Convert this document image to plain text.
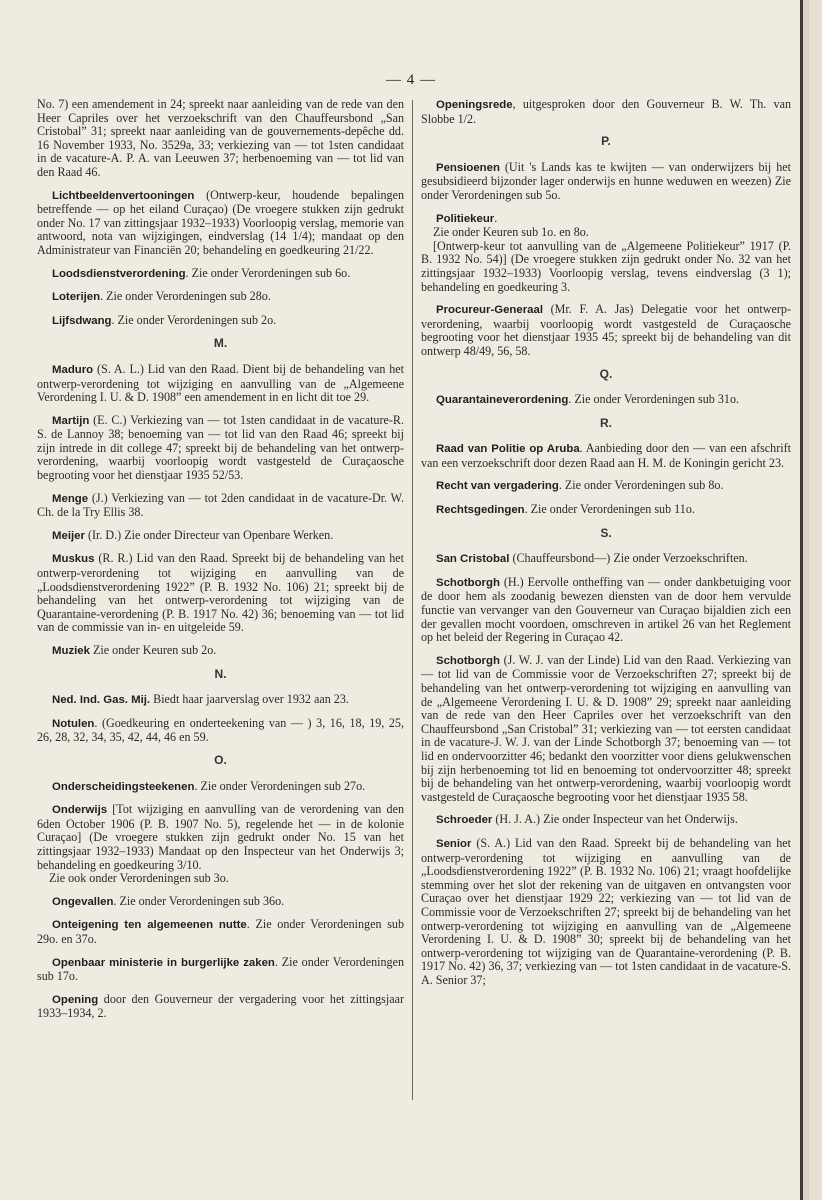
— 4 —
No. 7) een amendement in 24; spreekt naar aanleiding van de rede van den Heer Capriles over het verzoekschrift van den Chauffeursbond „San Cristobal” 31; spreekt naar aanleiding van de gouvernements-depêche dd. 16 November 1933, No. 3529a, 33; verkiezing van — tot 1sten candidaat in de vacature-A. P. A. van Leeuwen 37; herbenoeming van — tot lid van den Raad 46.
Lichtbeeldenvertooningen (Ontwerp-keur, houdende bepalingen betreffende — op het eiland Curaçao) (De vroegere stukken zijn gedrukt onder No. 17 van zittingsjaar 1932–1933) Voorloopig verslag, memorie van antwoord, nota van wijzigingen, eindverslag (14 1/4); mandaat op den Administrateur van Financiën 20; behandeling en goedkeuring 21/22.
Loodsdienstverordening. Zie onder Verordeningen sub 6o.
Loterijen. Zie onder Verordeningen sub 28o.
Lijfsdwang. Zie onder Verordeningen sub 2o.
M.
Maduro (S. A. L.) Lid van den Raad. Dient bij de behandeling van het ontwerp-verordening tot wijziging en aanvulling van de „Algemeene Verordening I. U. & D. 1908” een amendement in en licht dit toe 29.
Martijn (E. C.) Verkiezing van — tot 1sten candidaat in de vacature-R. S. de Lannoy 38; benoeming van — tot lid van den Raad 46; spreekt bij zijn intrede in dit college 47; spreekt bij de behandeling van het ontwerp-verordening, waarbij voorloopig wordt vastgesteld de Curaçaosche begrooting voor het dienstjaar 1935 52/53.
Menge (J.) Verkiezing van — tot 2den candidaat in de vacature-Dr. W. Ch. de la Try Ellis 38.
Meijer (Ir. D.) Zie onder Directeur van Openbare Werken.
Muskus (R. R.) Lid van den Raad. Spreekt bij de behandeling van het ontwerp-verordening tot wijziging en aanvulling van de „Loodsdienstverordening 1922” (P. B. 1932 No. 106) 21; spreekt bij de behandeling van het ontwerp-verordening tot wijziging van de Quarantaine-verordening (P. B. 1917 No. 42) 36; benoeming van — tot lid van de commissie van in- en uitgeleide 59.
Muziek Zie onder Keuren sub 2o.
N.
Ned. Ind. Gas. Mij. Biedt haar jaarverslag over 1932 aan 23.
Notulen. (Goedkeuring en onderteekening van — ) 3, 16, 18, 19, 25, 26, 28, 32, 34, 35, 42, 44, 46 en 59.
O.
Onderscheidingsteekenen. Zie onder Verordeningen sub 27o.
Onderwijs [Tot wijziging en aanvulling van de verordening van den 6den October 1906 (P. B. 1907 No. 5), regelende het — in de kolonie Curaçao] (De vroegere stukken zijn gedrukt onder No. 15 van het zittingsjaar 1932–1933) Mandaat op den Inspecteur van het Onderwijs 3; behandeling en goedkeuring 3/10.
Zie ook onder Verordeningen sub 3o.
Ongevallen. Zie onder Verordeningen sub 36o.
Onteigening ten algemeenen nutte. Zie onder Verordeningen sub 29o. en 37o.
Openbaar ministerie in burgerlijke zaken. Zie onder Verordeningen sub 17o.
Opening door den Gouverneur der vergadering voor het zittingsjaar 1933–1934, 2.
Openingsrede, uitgesproken door den Gouverneur B. W. Th. van Slobbe 1/2.
P.
Pensioenen (Uit 's Lands kas te kwijten — van onderwijzers bij het gesubsidieerd bijzonder lager onderwijs en hunne weduwen en weezen) Zie onder Verordeningen sub 5o.
Politiekeur.
Zie onder Keuren sub 1o. en 8o.
[Ontwerp-keur tot aanvulling van de „Algemeene Politiekeur” 1917 (P. B. 1932 No. 54)] (De vroegere stukken zijn gedrukt onder No. 32 van het zittingsjaar 1932–1933) Voorloopig verslag, tevens eindverslag (3 1); behandeling en goedkeuring 3.
Procureur-Generaal (Mr. F. A. Jas) Delegatie voor het ontwerp-verordening, waarbij voorloopig wordt vastgesteld de Curaçaosche begrooting voor het dienstjaar 1935 45; spreekt bij de behandeling van dit ontwerp 48/49, 56, 58.
Q.
Quarantaineverordening. Zie onder Verordeningen sub 31o.
R.
Raad van Politie op Aruba. Aanbieding door den — van een afschrift van een verzoekschrift door dezen Raad aan H. M. de Koningin gericht 23.
Recht van vergadering. Zie onder Verordeningen sub 8o.
Rechtsgedingen. Zie onder Verordeningen sub 11o.
S.
San Cristobal (Chauffeursbond—) Zie onder Verzoekschriften.
Schotborgh (H.) Eervolle ontheffing van — onder dankbetuiging voor de door hem als zoodanig bewezen diensten van de door hem vervulde functie van vervanger van den Gouverneur van Curaçao bijaldien zich een der gevallen mocht voordoen, omschreven in artikel 26 van het Reglement op het beleid der Regering in Curaçao 42.
Schotborgh (J. W. J. van der Linde) Lid van den Raad. Verkiezing van — tot lid van de Commissie voor de Verzoekschriften 27; spreekt bij de behandeling van het ontwerp-verordening tot wijziging en aanvulling van de „Algemeene Verordening I. U. & D. 1908” 29; spreekt naar aanleiding van de rede van den Heer Capriles over het verzoekschrift van den Chauffeursbond „San Cristobal” 31; verkiezing van — tot eersten candidaat in de vacature-J. W. J. van der Linde Schotborgh 37; benoeming van — tot lid en ondervoorzitter 46; bedankt den voorzitter voor diens gelukwenschen bij zijn herbenoeming tot lid en benoeming tot ondervoorzitter 48; spreekt bij de behandeling van het ontwerp-verordening, waarbij voorloopig wordt vastgesteld de Curaçaosche begrooting voor het dienstjaar 1935 58.
Schroeder (H. J. A.) Zie onder Inspecteur van het Onderwijs.
Senior (S. A.) Lid van den Raad. Spreekt bij de behandeling van het ontwerp-verordening tot wijziging en aanvulling van de „Loodsdienstverordening 1922” (P. B. 1932 No. 106) 21; vraagt hoofdelijke stemming over het slot der rekening van de uitgaven en ontvangsten voor Curaçao over het dienstjaar 1929 22; verkiezing van — tot lid van de Commissie voor de Verzoekschriften 27; spreekt bij de behandeling van het ontwerp-verordening tot wijziging en aanvulling van de „Algemeene Verordening I. U. & D. 1908” 30; spreekt bij de behandeling van het ontwerp-verordening tot wijziging van de Quarantaine-verordening (P. B. 1917 No. 42) 36, 37; verkiezing van — tot 1sten candidaat in de vacature-S. A. Senior 37;
